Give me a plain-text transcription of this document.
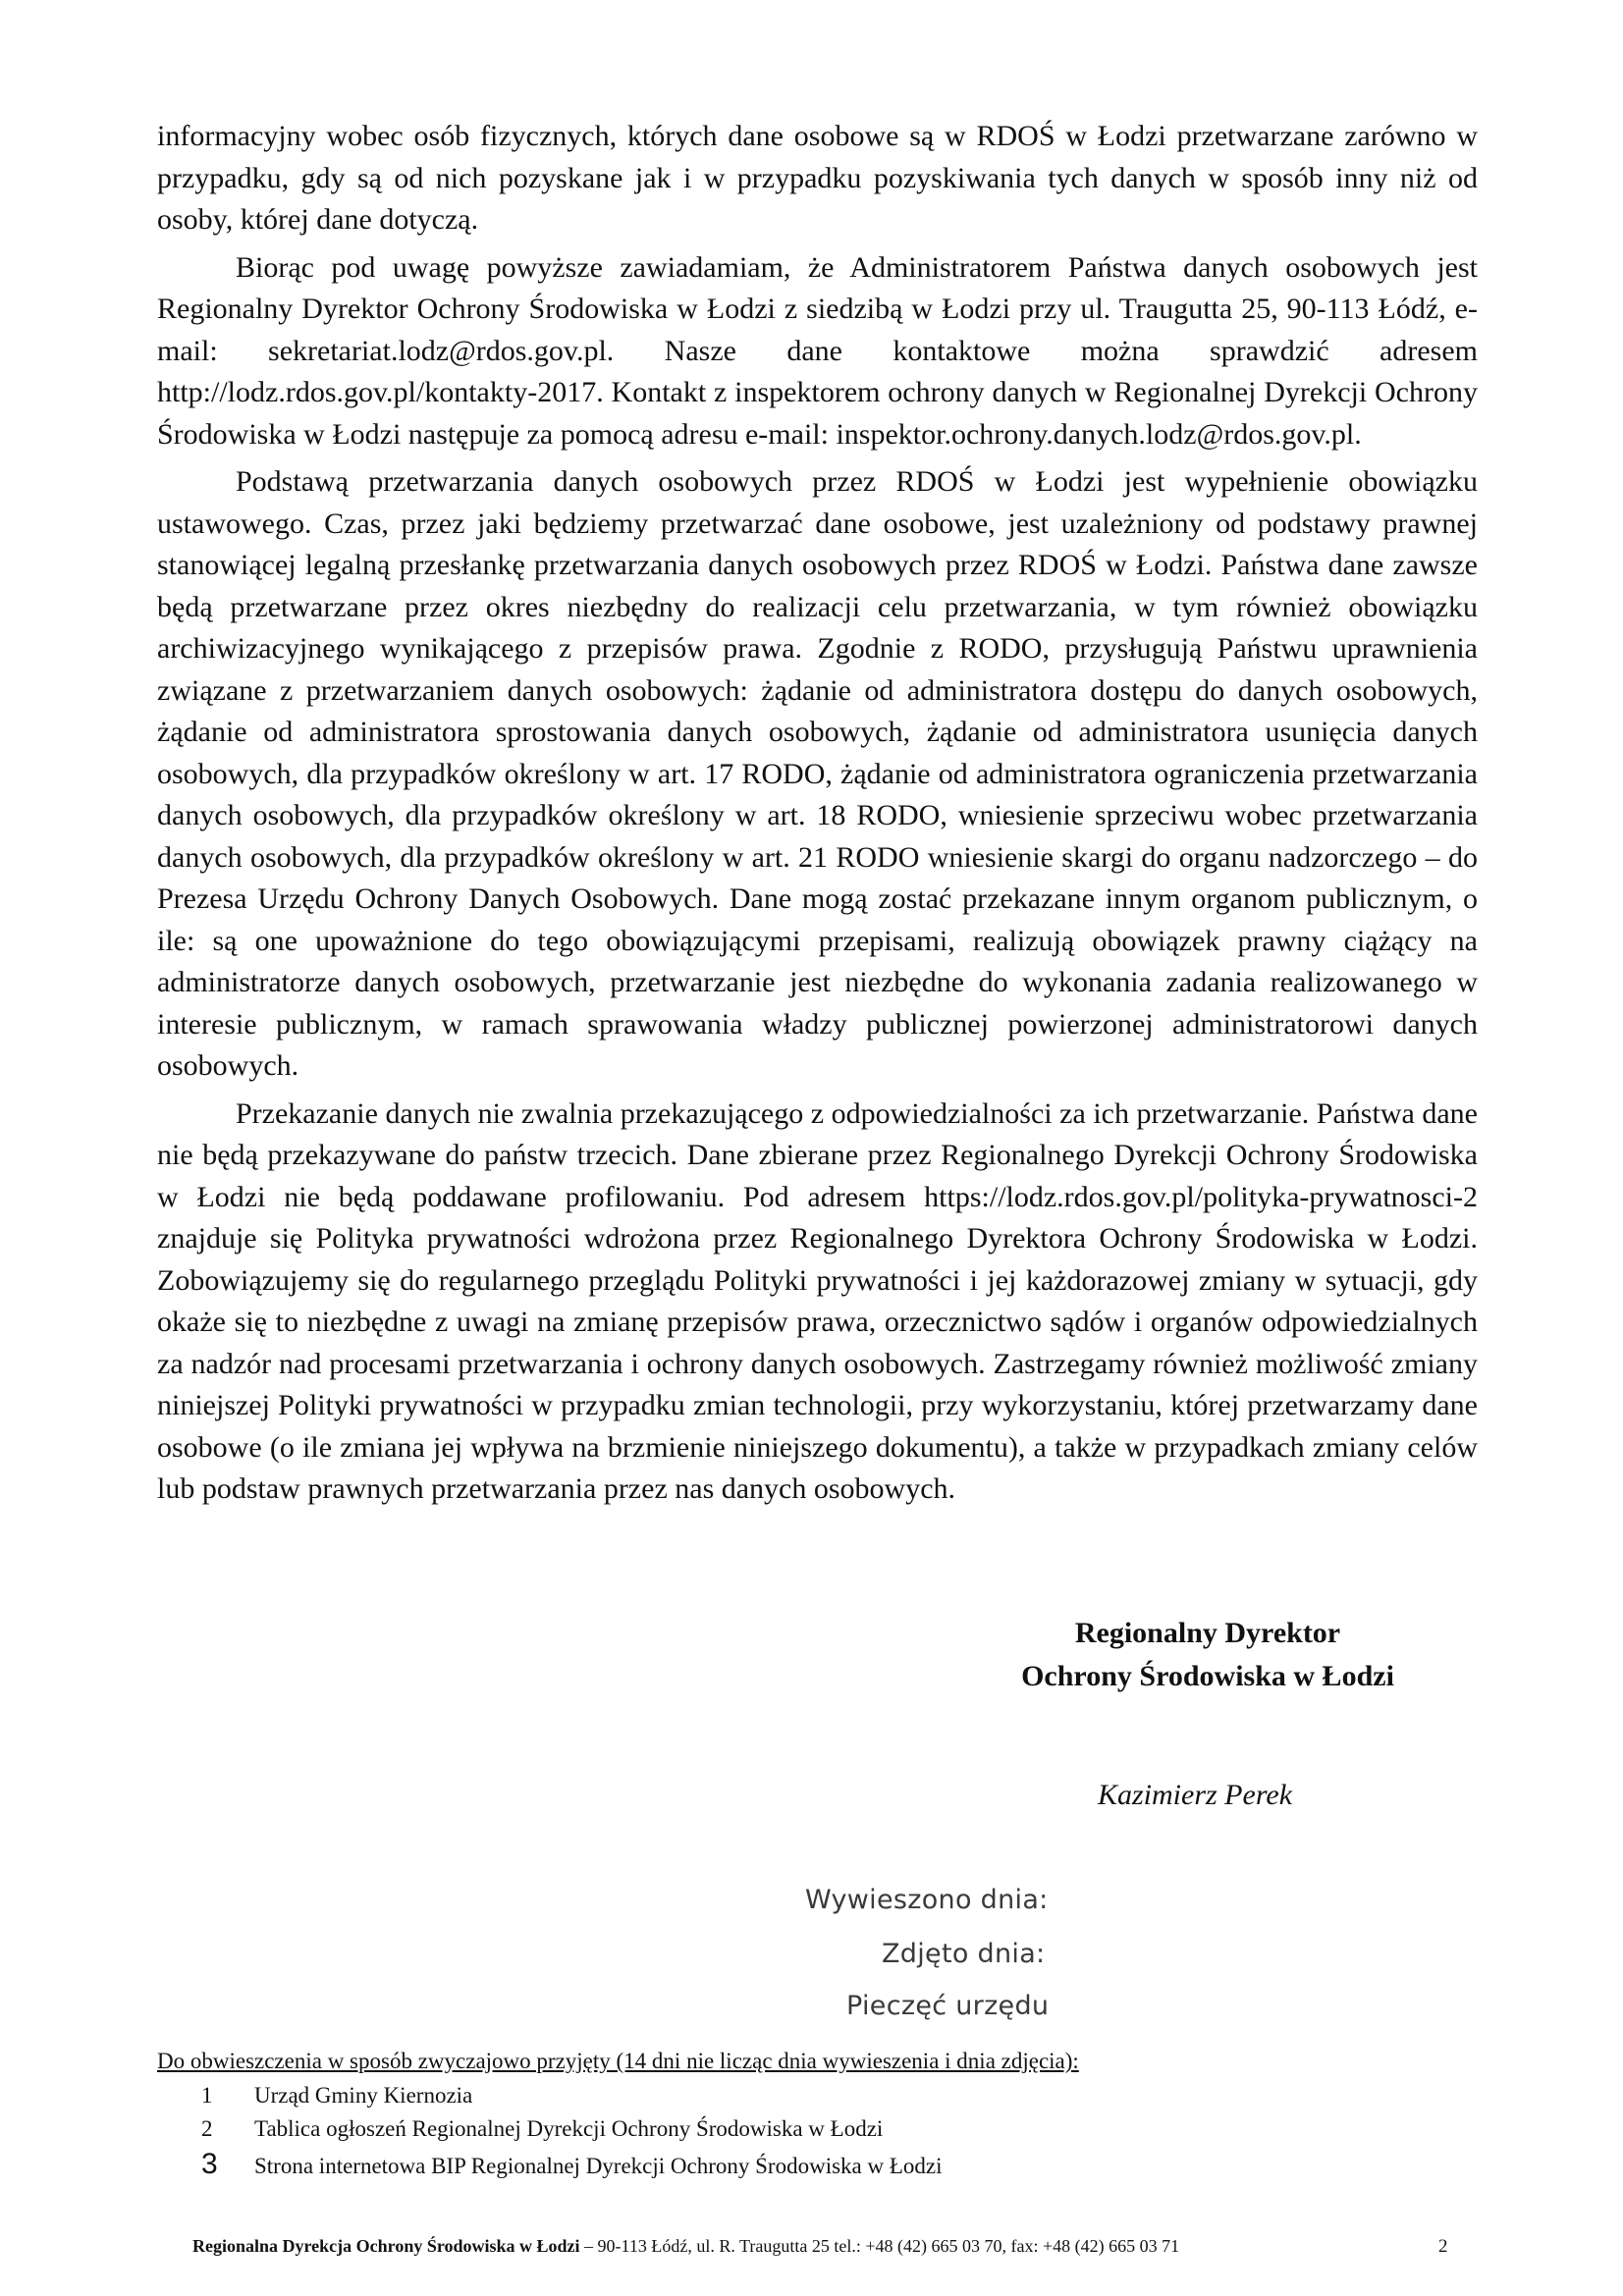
informacyjny wobec osób fizycznych, których dane osobowe są w RDOŚ w Łodzi przetwarzane zarówno w przypadku, gdy są od nich pozyskane jak i w przypadku pozyskiwania tych danych w sposób inny niż od osoby, której dane dotyczą.

Biorąc pod uwagę powyższe zawiadamiam, że Administratorem Państwa danych osobowych jest Regionalny Dyrektor Ochrony Środowiska w Łodzi z siedzibą w Łodzi przy ul. Traugutta 25, 90-113 Łódź, e-mail: sekretariat.lodz@rdos.gov.pl. Nasze dane kontaktowe można sprawdzić adresem http://lodz.rdos.gov.pl/kontakty-2017. Kontakt z inspektorem ochrony danych w Regionalnej Dyrekcji Ochrony Środowiska w Łodzi następuje za pomocą adresu e-mail: inspektor.ochrony.danych.lodz@rdos.gov.pl.

Podstawą przetwarzania danych osobowych przez RDOŚ w Łodzi jest wypełnienie obowiązku ustawowego. Czas, przez jaki będziemy przetwarzać dane osobowe, jest uzależniony od podstawy prawnej stanowiącej legalną przesłankę przetwarzania danych osobowych przez RDOŚ w Łodzi. Państwa dane zawsze będą przetwarzane przez okres niezbędny do realizacji celu przetwarzania, w tym również obowiązku archiwizacyjnego wynikającego z przepisów prawa. Zgodnie z RODO, przysługują Państwu uprawnienia związane z przetwarzaniem danych osobowych: żądanie od administratora dostępu do danych osobowych, żądanie od administratora sprostowania danych osobowych, żądanie od administratora usunięcia danych osobowych, dla przypadków określony w art. 17 RODO, żądanie od administratora ograniczenia przetwarzania danych osobowych, dla przypadków określony w art. 18 RODO, wniesienie sprzeciwu wobec przetwarzania danych osobowych, dla przypadków określony w art. 21 RODO wniesienie skargi do organu nadzorczego – do Prezesa Urzędu Ochrony Danych Osobowych. Dane mogą zostać przekazane innym organom publicznym, o ile: są one upoważnione do tego obowiązującymi przepisami, realizują obowiązek prawny ciążący na administratorze danych osobowych, przetwarzanie jest niezbędne do wykonania zadania realizowanego w interesie publicznym, w ramach sprawowania władzy publicznej powierzonej administratorowi danych osobowych.

Przekazanie danych nie zwalnia przekazującego z odpowiedzialności za ich przetwarzanie. Państwa dane nie będą przekazywane do państw trzecich. Dane zbierane przez Regionalnego Dyrekcji Ochrony Środowiska w Łodzi nie będą poddawane profilowaniu. Pod adresem https://lodz.rdos.gov.pl/polityka-prywatnosci-2 znajduje się Polityka prywatności wdrożona przez Regionalnego Dyrektora Ochrony Środowiska w Łodzi. Zobowiązujemy się do regularnego przeglądu Polityki prywatności i jej każdorazowej zmiany w sytuacji, gdy okaże się to niezbędne z uwagi na zmianę przepisów prawa, orzecznictwo sądów i organów odpowiedzialnych za nadzór nad procesami przetwarzania i ochrony danych osobowych. Zastrzegamy również możliwość zmiany niniejszej Polityki prywatności w przypadku zmian technologii, przy wykorzystaniu, której przetwarzamy dane osobowe (o ile zmiana jej wpływa na brzmienie niniejszego dokumentu), a także w przypadkach zmiany celów lub podstaw prawnych przetwarzania przez nas danych osobowych.

Regionalny Dyrektor
Ochrony Środowiska w Łodzi
Kazimierz Perek
Wywieszono dnia:
Zdjęto dnia:
Pieczęć urzędu
Do obwieszczenia w sposób zwyczajowo przyjęty (14 dni nie licząc dnia wywieszenia i dnia zdjęcia):
1 Urząd Gminy Kiernozia
2 Tablica ogłoszeń Regionalnej Dyrekcji Ochrony Środowiska w Łodzi
3 Strona internetowa BIP Regionalnej Dyrekcji Ochrony Środowiska w Łodzi
Regionalna Dyrekcja Ochrony Środowiska w Łodzi – 90-113 Łódź, ul. R. Traugutta 25 tel.: +48 (42) 665 03 70, fax: +48 (42) 665 03 71	2
